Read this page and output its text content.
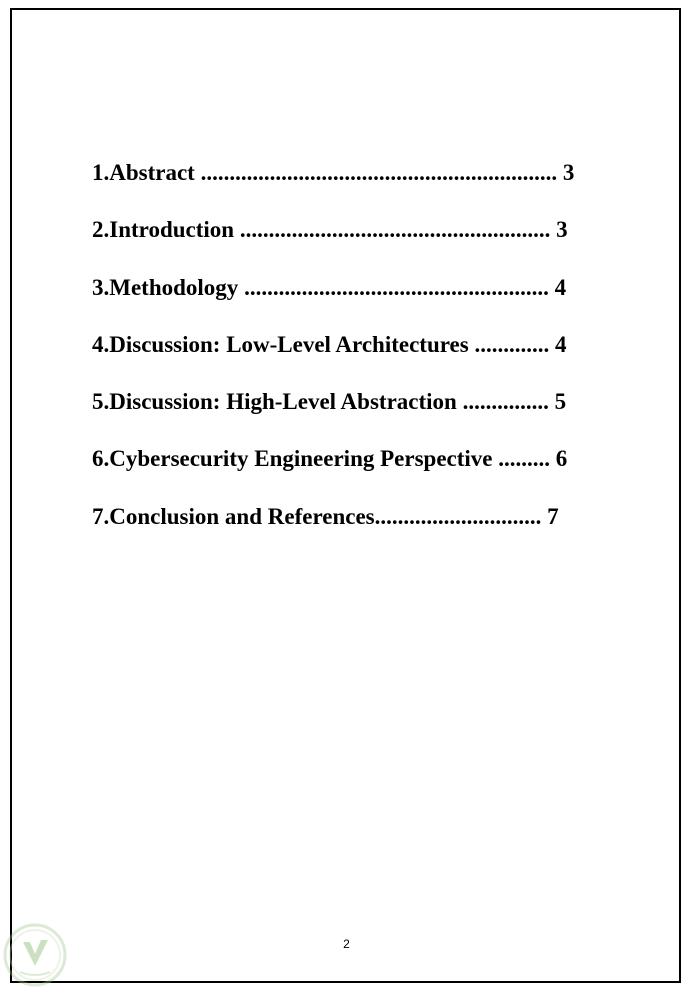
1.Abstract .............................................................. 3
2.Introduction ...................................................... 3
3.Methodology ..................................................... 4
4.Discussion: Low-Level Architectures ............. 4
5.Discussion: High-Level Abstraction ............... 5
6.Cybersecurity Engineering Perspective ......... 6
7.Conclusion and References............................. 7
2
